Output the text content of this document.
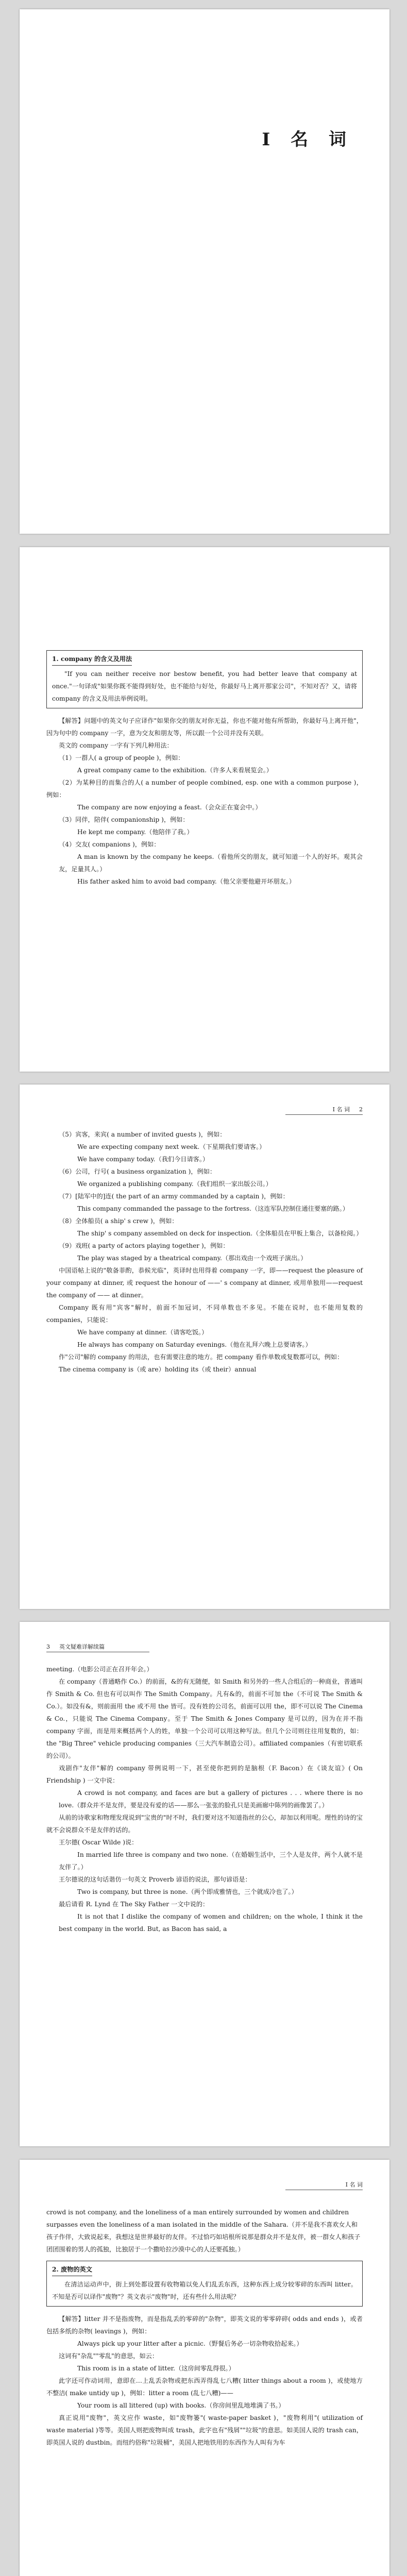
Ⅰ 名 词
1. company 的含义及用法
"If you can neither receive nor bestow benefit, you had better leave that company at once."一句译成"如果你既不能得到好处，也不能给与好处，你最好马上离开那家公司"，不知对否？又，请将 company 的含义及用法举例说明。
【解答】问题中的英文句子应译作"如果你交的朋友对你无益，你也不能对他有所帮助，你最好马上离开他"，因为句中的 company 一字，意为交友和朋友等，所以跟一个公司并没有关联。
英文的 company 一字有下列几种用法：
（1）一群人( a group of people )，例如：
A great company came to the exhibition.（许多人来看展览会。）
（2）为某种目的而集合的人( a number of people combined, esp. one with a common purpose )，例如：
The company are now enjoying a feast.（会众正在宴会中。）
（3）同伴，陪伴( companionship )，例如：
He kept me company.（他陪伴了我。）
（4）交友( companions )，例如：
A man is known by the company he keeps.（看他所交的朋友，就可知道一个人的好坏。观其会友，足量其人。）
His father asked him to avoid bad company.（他父亲要他避开坏朋友。）
Ⅰ 名 词 2
（5）宾客，来宾( a number of invited guests )，例如：
We are expecting company next week.（下星期我们要请客。）
We have company today.（我们今日请客。）
（6）公司，行号( a business organization )，例如：
We organized a publishing company.（我们组织一家出版公司。）
（7）[陆军中的]连( the part of an army commanded by a captain )，例如：
This company commanded the passage to the fortress.（这连军队控制住通往要塞的路。）
（8）全体船员( a ship' s crew )，例如：
The ship' s company assembled on deck for inspection.（全体船员在甲板上集合，以备检阅。）
（9）戏班( a party of actors playing together )，例如：
The play was staged by a theatrical company.（那出戏由一个戏班子演出。）
中国语帖上说的"敬备菲酌，恭候光临"，英译时也用得着 company 一字，即——request the pleasure of your company at dinner, 或 request the honour of ——' s company at dinner, 或用单独用——request the company of —— at dinner。
Company 既有用"宾客"解时，前面不加冠词，不同单数也不多见。不能在说时，也不能用复数的 companies，只能说：
We have company at dinner.（请客吃饭。）
He always has company on Saturday evenings.（他在礼拜六晚上总要请客。）
作"公司"解的 company 的用法，也有需要注意的地方。把 company 看作单数或复数都可以，例如：
The cinema company is（或 are）holding its（或 their）annual
3 英文疑难详解续篇
meeting.（电影公司正在召开年会。）
在 company（普通略作 Co.）的前面，&的有无随便，如 Smith 和另外的一些人合组后的一种商业，普通叫作 Smith & Co. 但也有可以叫作 The Smith Company。凡有&的，前面不可加 the（不可说 The Smith & Co.）。如没有&，则前面用 the 或不用 the 皆可。没有姓的公司名，前面可以用 the，即不可以说 The Cinema & Co.，只能说 The Cinema Company。至于 The Smith & Jones Company 是可以的，因为在并不指 company 字面，而是用来概括两个人的姓，单独一个公司可以用这种写法。但几个公司则往往用复数的，如：the "Big Three" vehicle producing companies（三大汽车制造公司）。affiliated companies（有密切联系的公司）。
戏剧作"友伴"解的 company 带例说明一下，甚至使你把到的是脑根（F. Bacon）在《谈友谊》( On Friendship ) 一文中说：
A crowd is not company, and faces are but a gallery of pictures . . . where there is no love.（群众并不是友伴，要是没有爱的话——那么一张张的脸孔只是美画廊中陈列的画像罢了。）
从前的诗歌家和物理发现说到"宝贵的"时不时，我们要对这不知道指丝的公心，却加以利用呢。理性的诗的宝就不会说群众不是友伴的话的。
王尔德( Oscar Wilde )说：
In married life three is company and two none.（在婚姻生活中，三个人是友伴，两个人就不是友伴了。）
王尔德说的这句话谐仿一句英文 Proverb 谚语的说法，那句谚语是：
Two is company, but three is none.（两个即成雅情也，三个就成冷也了。）
最后请看 R. Lynd 在 The Sky Father 一文中说的：
It is not that I dislike the company of women and children; on the whole, I think it the best company in the world. But, as Bacon has said, a
Ⅰ 名 词
crowd is not company, and the loneliness of a man entirely surrounded by women and children surpasses even the loneliness of a man isolated in the middle of the Sahara.（并不是我不喜欢女人和孩子作伴，大致说起来，我想这是世界最好的友伴。不过恰巧如培根所说那是群众并不是友伴，被一群女人和孩子团团围着的男人的孤独，比独居于一个撒哈拉沙漠中心的人还要孤独。）
2. 废物的英文
在清洁运动声中，街上到处都设置有收物箱以免人们乱丢东西，这种东西上成分较零碎的东西叫 litter。不知是否可以译作"废物"？英文表示"废物"时，还有些什么用法呢？
【解答】litter 并不是指废物，而是指乱丢的零碎的"杂物"，即英文说的零零碎碎( odds and ends )，或者包括多纸的杂物( leavings )，例如：
Always pick up your litter after a picnic.（野餐后务必一切杂物收拾起来。）
这词有"杂乱""零乱"的意思，如云：
This room is in a state of litter.（这房间零乱得很。）
此字还可作动词用，意即在…上乱丢杂物或把东西弄得乱七八糟( litter things about a room )，或使地方不整洁( make untidy up )，例如：litter a room (乱七八糟)——
Your room is all littered (up) with books.（你房间里乱地堆满了书。）
真正说用"废物"，英文应作 waste，如"废物篓"( waste-paper basket )，"废物利用"( utilization of waste material )等等。美国人则把废物叫成 trash，此字也有"残屑""垃圾"的意思。如美国人说的 trash can，即英国人说的 dustbin。而纽约俗称"垃圾桶"，美国人把地铁用的东西作为人叫有为车
